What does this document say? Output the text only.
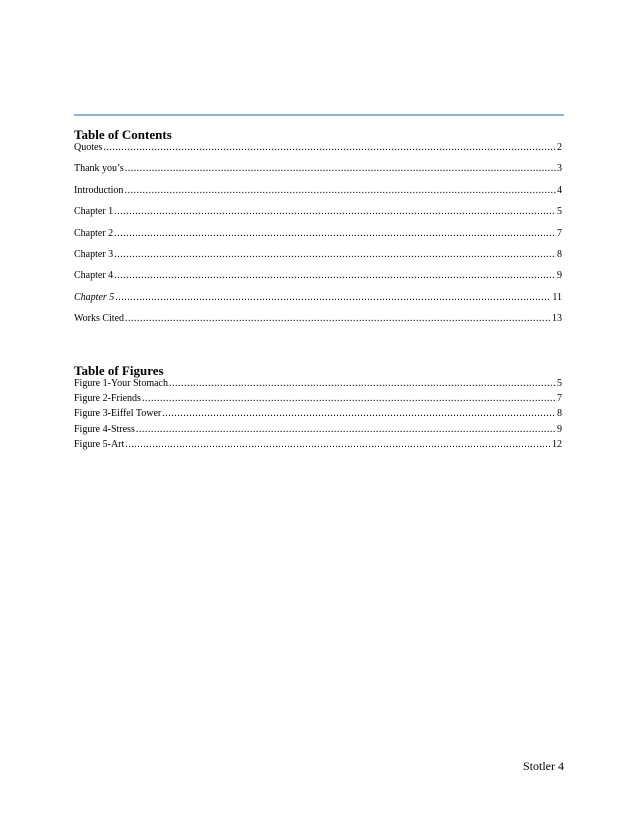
Table of Contents
Quotes .....	2
Thank you’s .....	3
Introduction .....	4
Chapter 1 .....	5
Chapter 2 .....	7
Chapter 3 .....	8
Chapter 4 .....	9
Chapter 5 .....	11
Works Cited .....	13
Table of Figures
Figure 1-Your Stomach .....	5
Figure 2-Friends .....	7
Figure 3-Eiffel Tower .....	8
Figure 4-Stress .....	9
Figure 5-Art .....	12
Stotler 4
